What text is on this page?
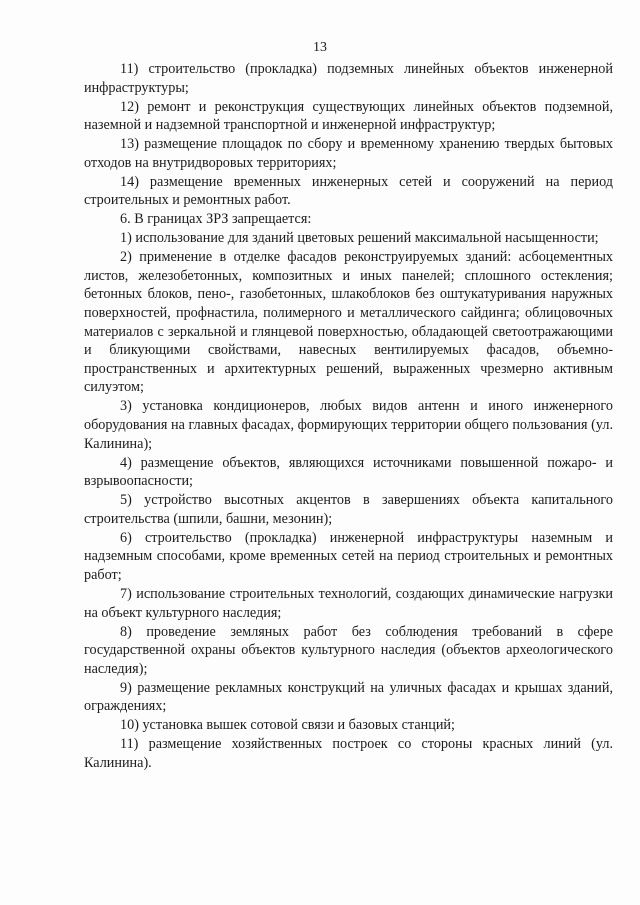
13

11) строительство (прокладка) подземных линейных объектов инженерной инфраструктуры;

12) ремонт и реконструкция существующих линейных объектов подземной, наземной и надземной транспортной и инженерной инфраструктур;

13) размещение площадок по сбору и временному хранению твердых бытовых отходов на внутридворовых территориях;

14) размещение временных инженерных сетей и сооружений на период строительных и ремонтных работ.

6. В границах ЗРЗ запрещается:

1) использование для зданий цветовых решений максимальной насыщенности;

2) применение в отделке фасадов реконструируемых зданий: асбоцементных листов, железобетонных, композитных и иных панелей; сплошного остекления; бетонных блоков, пено-, газобетонных, шлакоблоков без оштукатуривания наружных поверхностей, профнастила, полимерного и металлического сайдинга; облицовочных материалов с зеркальной и глянцевой поверхностью, обладающей светоотражающими и бликующими свойствами, навесных вентилируемых фасадов, объемно-пространственных и архитектурных решений, выраженных чрезмерно активным силуэтом;

3) установка кондиционеров, любых видов антенн и иного инженерного оборудования на главных фасадах, формирующих территории общего пользования (ул. Калинина);

4) размещение объектов, являющихся источниками повышенной пожаро- и взрывоопасности;

5) устройство высотных акцентов в завершениях объекта капитального строительства (шпили, башни, мезонин);

6) строительство (прокладка) инженерной инфраструктуры наземным и надземным способами, кроме временных сетей на период строительных и ремонтных работ;

7) использование строительных технологий, создающих динамические нагрузки на объект культурного наследия;

8) проведение земляных работ без соблюдения требований в сфере государственной охраны объектов культурного наследия (объектов археологического наследия);

9) размещение рекламных конструкций на уличных фасадах и крышах зданий, ограждениях;

10) установка вышек сотовой связи и базовых станций;

11) размещение хозяйственных построек со стороны красных линий (ул. Калинина).
